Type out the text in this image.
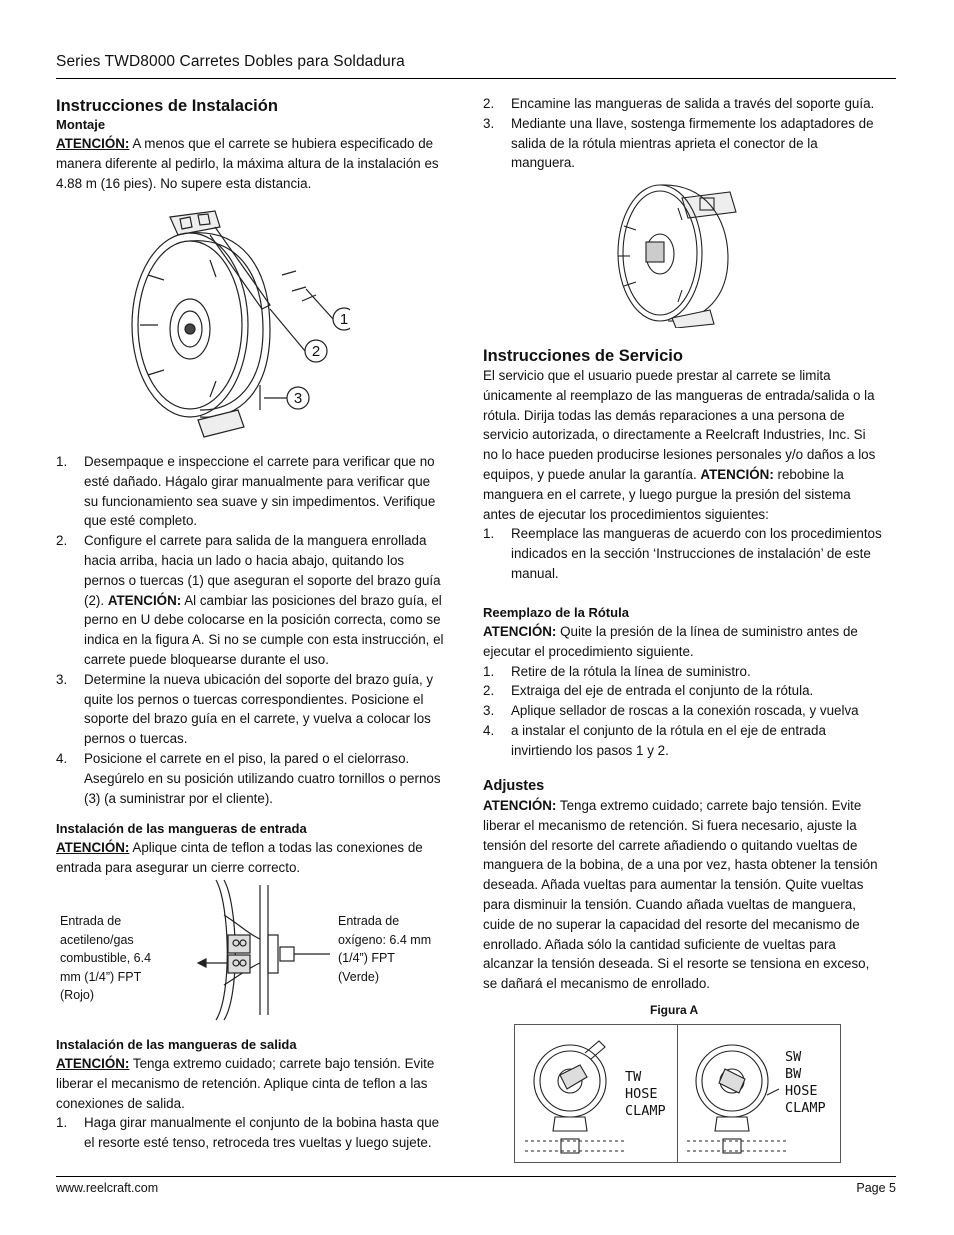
Series TWD8000 Carretes Dobles para Soldadura
Instrucciones de Instalación
Montaje

ATENCIÓN: A menos que el carrete se hubiera especificado de manera diferente al pedirlo, la máxima altura de la instalación es 4.88 m (16 pies). No supere esta distancia.

1
2
3
1. Desempaque e inspeccione el carrete para verificar que no esté dañado. Hágalo girar manualmente para verificar que su funcionamiento sea suave y sin impedimentos. Verifique que esté completo.
2. Configure el carrete para salida de la manguera enrollada hacia arriba, hacia un lado o hacia abajo, quitando los pernos o tuercas (1) que aseguran el soporte del brazo guía (2). ATENCIÓN: Al cambiar las posiciones del brazo guía, el perno en U debe colocarse en la posición correcta, como se indica en la figura A. Si no se cumple con esta instrucción, el carrete puede bloquearse durante el uso.
3. Determine la nueva ubicación del soporte del brazo guía, y quite los pernos o tuercas correspondientes. Posicione el soporte del brazo guía en el carrete, y vuelva a colocar los pernos o tuercas.
4. Posicione el carrete en el piso, la pared o el cielorraso. Asegúrelo en su posición utilizando cuatro tornillos o pernos (3) (a suministrar por el cliente).
Instalación de las mangueras de entrada

ATENCIÓN: Aplique cinta de teflon a todas las conexiones de entrada para asegurar un cierre correcto.

Entrada de acetileno/gas combustible, 6.4 mm (1/4”) FPT (Rojo)
Entrada de oxígeno: 6.4 mm (1/4”) FPT (Verde)
Instalación de las mangueras de salida

ATENCIÓN: Tenga extremo cuidado; carrete bajo tensión. Evite liberar el mecanismo de retención. Aplique cinta de teflon a las conexiones de salida.

1. Haga girar manualmente el conjunto de la bobina hasta que el resorte esté tenso, retroceda tres vueltas y luego sujete.
2. Encamine las mangueras de salida a través del soporte guía.
3. Mediante una llave, sostenga firmemente los adaptadores de salida de la rótula mientras aprieta el conector de la manguera.
Instrucciones de Servicio

El servicio que el usuario puede prestar al carrete se limita únicamente al reemplazo de las mangueras de entrada/salida o la rótula. Dirija todas las demás reparaciones a una persona de servicio autorizada, o directamente a Reelcraft Industries, Inc. Si no lo hace pueden producirse lesiones personales y/o daños a los equipos, y puede anular la garantía. ATENCIÓN: rebobine la manguera en el carrete, y luego purgue la presión del sistema antes de ejecutar los procedimientos siguientes:

1. Reemplace las mangueras de acuerdo con los procedimientos indicados en la sección ‘Instrucciones de instalación’ de este manual.
Reemplazo de la Rótula

ATENCIÓN: Quite la presión de la línea de suministro antes de ejecutar el procedimiento siguiente.

1. Retire de la rótula la línea de suministro.
2. Extraiga del eje de entrada el conjunto de la rótula.
3. Aplique sellador de roscas a la conexión roscada, y vuelva
4. a instalar el conjunto de la rótula en el eje de entrada invirtiendo los pasos 1 y 2.
Adjustes

ATENCIÓN: Tenga extremo cuidado; carrete bajo tensión. Evite liberar el mecanismo de retención. Si fuera necesario, ajuste la tensión del resorte del carrete añadiendo o quitando vueltas de manguera de la bobina, de a una por vez, hasta obtener la tensión deseada. Añada vueltas para aumentar la tensión. Quite vueltas para disminuir la tensión. Cuando añada vueltas de manguera, cuide de no superar la capacidad del resorte del mecanismo de enrollado. Añada sólo la cantidad suficiente de vueltas para alcanzar la tensión deseada. Si el resorte se tensiona en exceso, se dañará el mecanismo de enrollado.

Figura A
TW
HOSE
CLAMP
SW
BW
HOSE
CLAMP
www.reelcraft.com	Page 5
